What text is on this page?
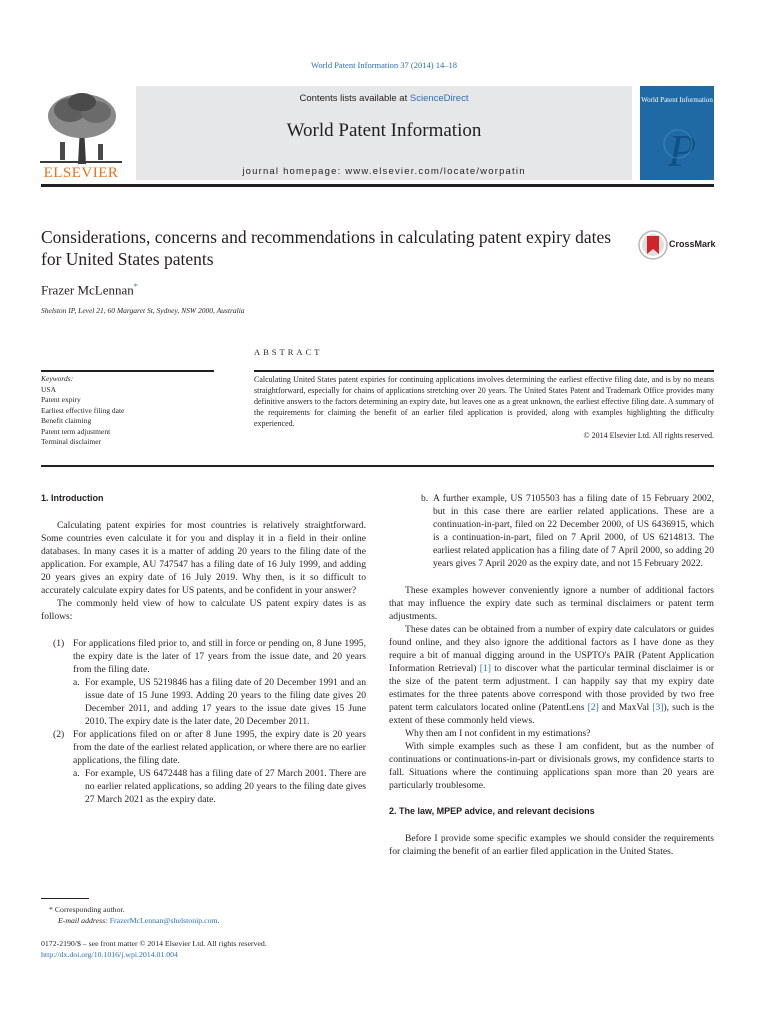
World Patent Information 37 (2014) 14–18
ELSEVIER
Contents lists available at ScienceDirect
World Patent Information
journal homepage: www.elsevier.com/locate/worpatin
World Patent Information
P
Considerations, concerns and recommendations in calculating patent expiry dates for United States patents
CrossMark
Frazer McLennan*
Shelston IP, Level 21, 60 Margaret St, Sydney, NSW 2000, Australia
ABSTRACT
Keywords:
USA
Patent expiry
Earliest effective filing date
Benefit claiming
Patent term adjustment
Terminal disclaimer
Calculating United States patent expiries for continuing applications involves determining the earliest effective filing date, and is by no means straightforward, especially for chains of applications stretching over 20 years. The United States Patent and Trademark Office provides many definitive answers to the factors determining an expiry date, but leaves one as a great unknown, the earliest effective filing date. A summary of the requirements for claiming the benefit of an earlier filed application is provided, along with examples highlighting the difficulty experienced.
© 2014 Elsevier Ltd. All rights reserved.

1. Introduction

Calculating patent expiries for most countries is relatively straightforward. Some countries even calculate it for you and display it in a field in their online databases. In many cases it is a matter of adding 20 years to the filing date of the application. For example, AU 747547 has a filing date of 16 July 1999, and adding 20 years gives an expiry date of 16 July 2019. Why then, is it so difficult to accurately calculate expiry dates for US patents, and be confident in your answer?

The commonly held view of how to calculate US patent expiry dates is as follows:

(1) For applications filed prior to, and still in force or pending on, 8 June 1995, the expiry date is the later of 17 years from the issue date, and 20 years from the filing date.
a. For example, US 5219846 has a filing date of 20 December 1991 and an issue date of 15 June 1993. Adding 20 years to the filing date gives 20 December 2011, and adding 17 years to the issue date gives 15 June 2010. The expiry date is the later date, 20 December 2011.
(2) For applications filed on or after 8 June 1995, the expiry date is 20 years from the date of the earliest related application, or where there are no earlier applications, the filing date.
a. For example, US 6472448 has a filing date of 27 March 2001. There are no earlier related applications, so adding 20 years to the filing date gives 27 March 2021 as the expiry date.
b. A further example, US 7105503 has a filing date of 15 February 2002, but in this case there are earlier related applications. These are a continuation-in-part, filed on 22 December 2000, of US 6436915, which is a continuation-in-part, filed on 7 April 2000, of US 6214813. The earliest related application has a filing date of 7 April 2000, so adding 20 years gives 7 April 2020 as the expiry date, and not 15 February 2022.

These examples however conveniently ignore a number of additional factors that may influence the expiry date such as terminal disclaimers or patent term adjustments.

These dates can be obtained from a number of expiry date calculators or guides found online, and they also ignore the additional factors as I have done as they require a bit of manual digging around in the USPTO's PAIR (Patent Application Information Retrieval) [1] to discover what the particular terminal disclaimer is or the size of the patent term adjustment. I can happily say that my expiry date estimates for the three patents above correspond with those provided by two free patent term calculators located online (PatentLens [2] and MaxVal [3]), such is the extent of these commonly held views.

Why then am I not confident in my estimations?

With simple examples such as these I am confident, but as the number of continuations or continuations-in-part or divisionals grows, my confidence starts to fall. Situations where the continuing applications span more than 20 years are particularly troublesome.

2. The law, MPEP advice, and relevant decisions

Before I provide some specific examples we should consider the requirements for claiming the benefit of an earlier filed application in the United States.

* Corresponding author.
E-mail address: FrazerMcLennan@shelstonip.com.
0172-2190/$ – see front matter © 2014 Elsevier Ltd. All rights reserved.
http://dx.doi.org/10.1016/j.wpi.2014.01.004
